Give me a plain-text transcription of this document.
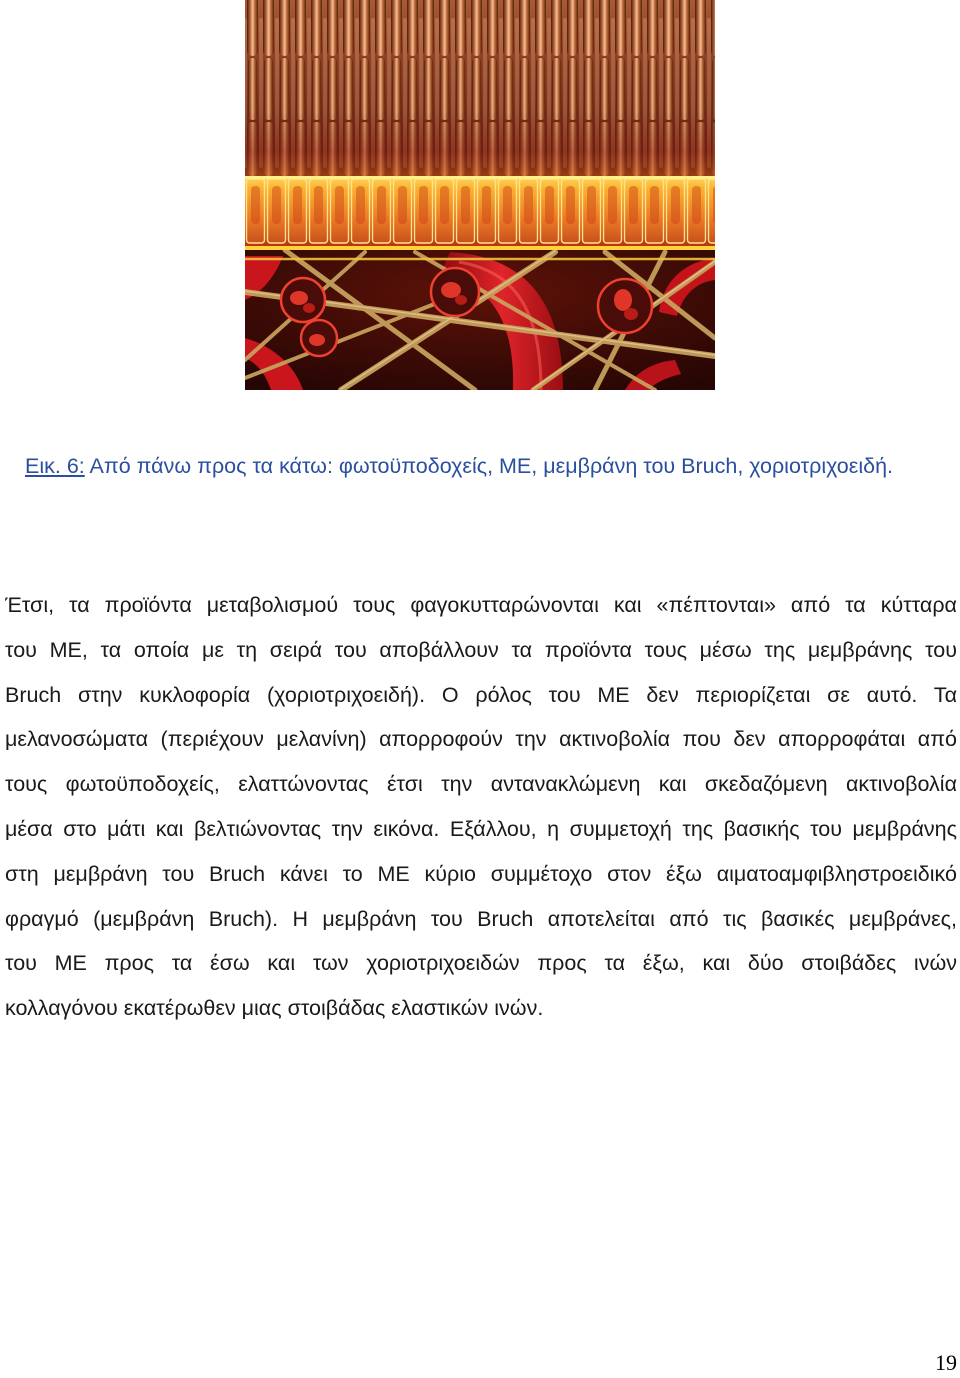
Εικ. 6: Από πάνω προς τα κάτω: φωτοϋποδοχείς, ΜΕ, μεμβράνη του Bruch, χοριοτριχοειδή.

Έτσι, τα προϊόντα μεταβολισμού τους φαγοκυτταρώνονται και «πέπτονται» από τα κύτταρα
του ΜΕ, τα οποία με τη σειρά του αποβάλλουν τα προϊόντα τους μέσω της μεμβράνης του
Bruch στην κυκλοφορία (χοριοτριχοειδή). Ο ρόλος του ΜΕ δεν περιορίζεται σε αυτό. Τα
μελανοσώματα (περιέχουν μελανίνη) απορροφούν την ακτινοβολία που δεν απορροφάται από
τους φωτοϋποδοχείς, ελαττώνοντας έτσι την αντανακλώμενη και σκεδαζόμενη ακτινοβολία
μέσα στο μάτι και βελτιώνοντας την εικόνα. Εξάλλου, η συμμετοχή της βασικής του μεμβράνης
στη μεμβράνη του Bruch κάνει το ΜΕ κύριο συμμέτοχο στον έξω αιματοαμφιβληστροειδικό
φραγμό (μεμβράνη Bruch). Η μεμβράνη του Bruch αποτελείται από τις βασικές μεμβράνες,
του ΜΕ προς τα έσω και των χοριοτριχοειδών προς τα έξω, και δύο στοιβάδες ινών
κολλαγόνου εκατέρωθεν μιας στοιβάδας ελαστικών ινών.
19
